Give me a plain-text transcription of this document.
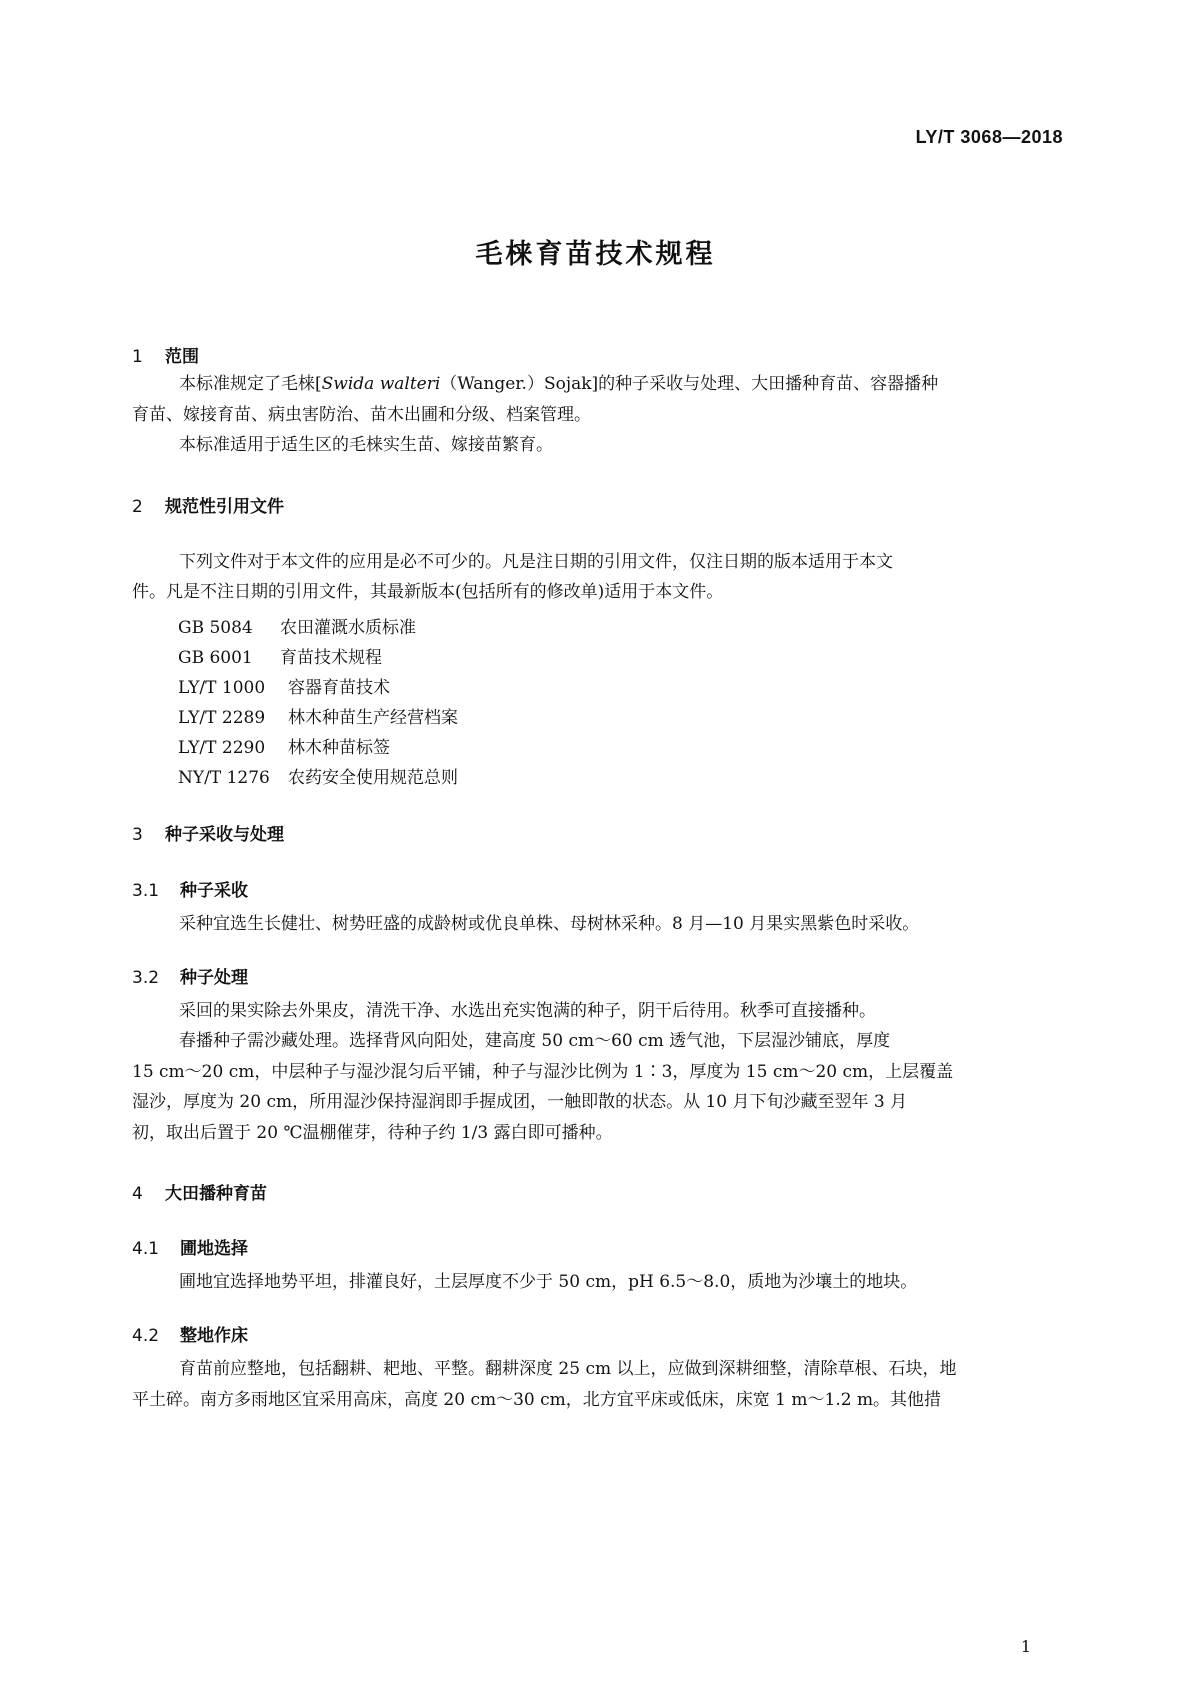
LY/T 3068—2018
毛梾育苗技术规程
1 范围
本标准规定了毛梾[Swida walteri（Wanger.）Sojak]的种子采收与处理、大田播种育苗、容器播种
育苗、嫁接育苗、病虫害防治、苗木出圃和分级、档案管理。
本标准适用于适生区的毛梾实生苗、嫁接苗繁育。
2 规范性引用文件
下列文件对于本文件的应用是必不可少的。凡是注日期的引用文件，仅注日期的版本适用于本文
件。凡是不注日期的引用文件，其最新版本(包括所有的修改单)适用于本文件。
GB 5084 农田灌溉水质标准
GB 6001 育苗技术规程
LY/T 1000 容器育苗技术
LY/T 2289 林木种苗生产经营档案
LY/T 2290 林木种苗标签
NY/T 1276 农药安全使用规范总则
3 种子采收与处理
3.1 种子采收
采种宜选生长健壮、树势旺盛的成龄树或优良单株、母树林采种。8 月—10 月果实黑紫色时采收。
3.2 种子处理
采回的果实除去外果皮，清洗干净、水选出充实饱满的种子，阴干后待用。秋季可直接播种。
春播种子需沙藏处理。选择背风向阳处，建高度 50 cm～60 cm 透气池，下层湿沙铺底，厚度
15 cm～20 cm，中层种子与湿沙混匀后平铺，种子与湿沙比例为 1∶3，厚度为 15 cm～20 cm，上层覆盖
湿沙，厚度为 20 cm，所用湿沙保持湿润即手握成团，一触即散的状态。从 10 月下旬沙藏至翌年 3 月
初，取出后置于 20 ℃温棚催芽，待种子约 1/3 露白即可播种。
4 大田播种育苗
4.1 圃地选择
圃地宜选择地势平坦，排灌良好，土层厚度不少于 50 cm，pH 6.5～8.0，质地为沙壤土的地块。
4.2 整地作床
育苗前应整地，包括翻耕、耙地、平整。翻耕深度 25 cm 以上，应做到深耕细整，清除草根、石块，地
平土碎。南方多雨地区宜采用高床，高度 20 cm～30 cm，北方宜平床或低床，床宽 1 m～1.2 m。其他措
1
